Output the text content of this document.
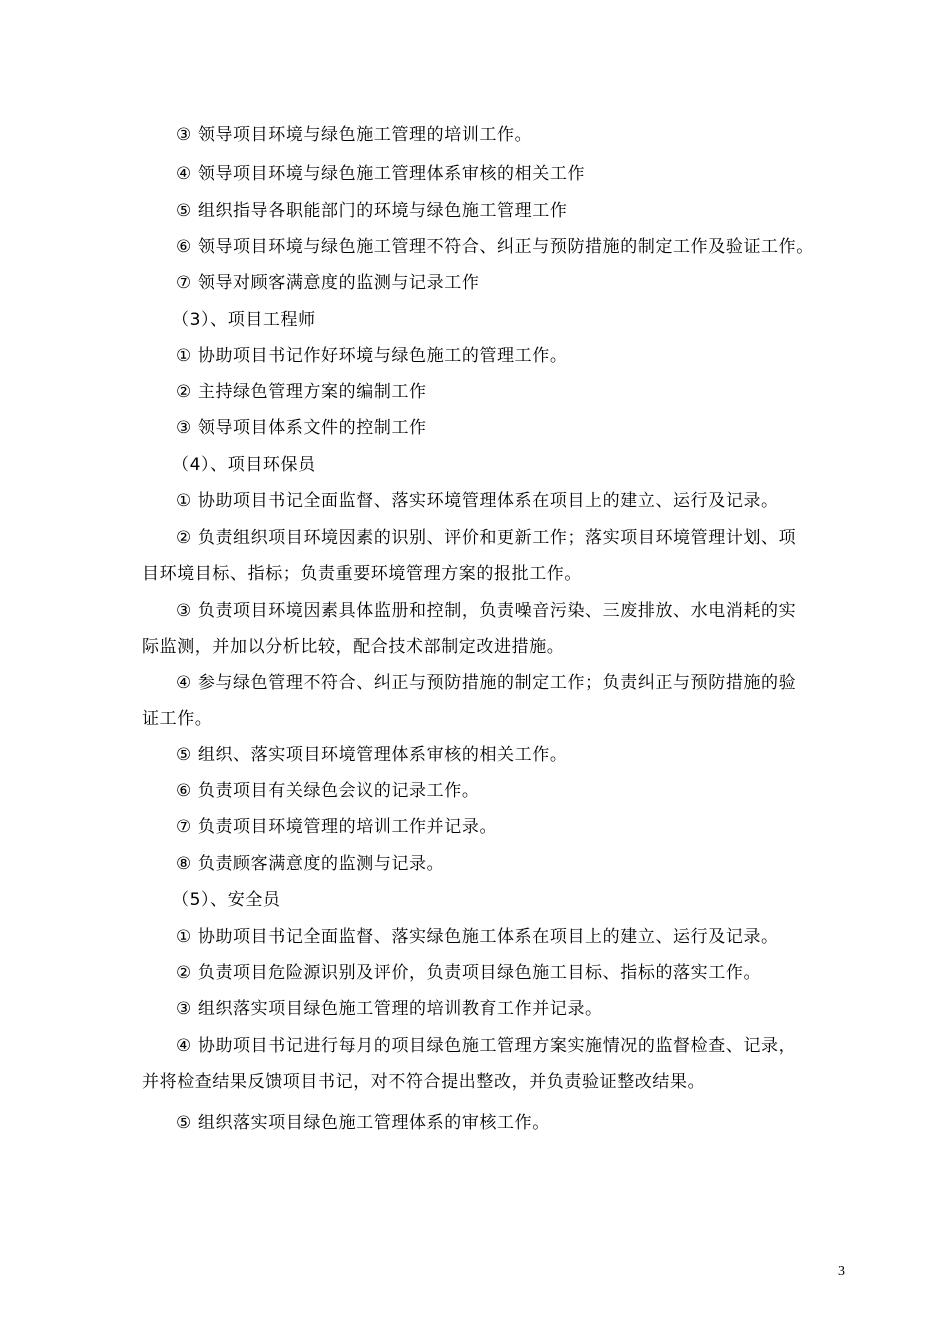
③ 领导项目环境与绿色施工管理的培训工作。
④ 领导项目环境与绿色施工管理体系审核的相关工作
⑤ 组织指导各职能部门的环境与绿色施工管理工作
⑥ 领导项目环境与绿色施工管理不符合、纠正与预防措施的制定工作及验证工作。
⑦ 领导对顾客满意度的监测与记录工作
（3）、项目工程师
① 协助项目书记作好环境与绿色施工的管理工作。
② 主持绿色管理方案的编制工作
③ 领导项目体系文件的控制工作
（4）、项目环保员
① 协助项目书记全面监督、落实环境管理体系在项目上的建立、运行及记录。
② 负责组织项目环境因素的识别、评价和更新工作；落实项目环境管理计划、项
目环境目标、指标；负责重要环境管理方案的报批工作。
③ 负责项目环境因素具体监册和控制，负责噪音污染、三废排放、水电消耗的实
际监测，并加以分析比较，配合技术部制定改进措施。
④ 参与绿色管理不符合、纠正与预防措施的制定工作；负责纠正与预防措施的验
证工作。
⑤ 组织、落实项目环境管理体系审核的相关工作。
⑥ 负责项目有关绿色会议的记录工作。
⑦ 负责项目环境管理的培训工作并记录。
⑧ 负责顾客满意度的监测与记录。
（5）、安全员
① 协助项目书记全面监督、落实绿色施工体系在项目上的建立、运行及记录。
② 负责项目危险源识别及评价，负责项目绿色施工目标、指标的落实工作。
③ 组织落实项目绿色施工管理的培训教育工作并记录。
④ 协助项目书记进行每月的项目绿色施工管理方案实施情况的监督检查、记录，
并将检查结果反馈项目书记，对不符合提出整改，并负责验证整改结果。
⑤ 组织落实项目绿色施工管理体系的审核工作。
3
